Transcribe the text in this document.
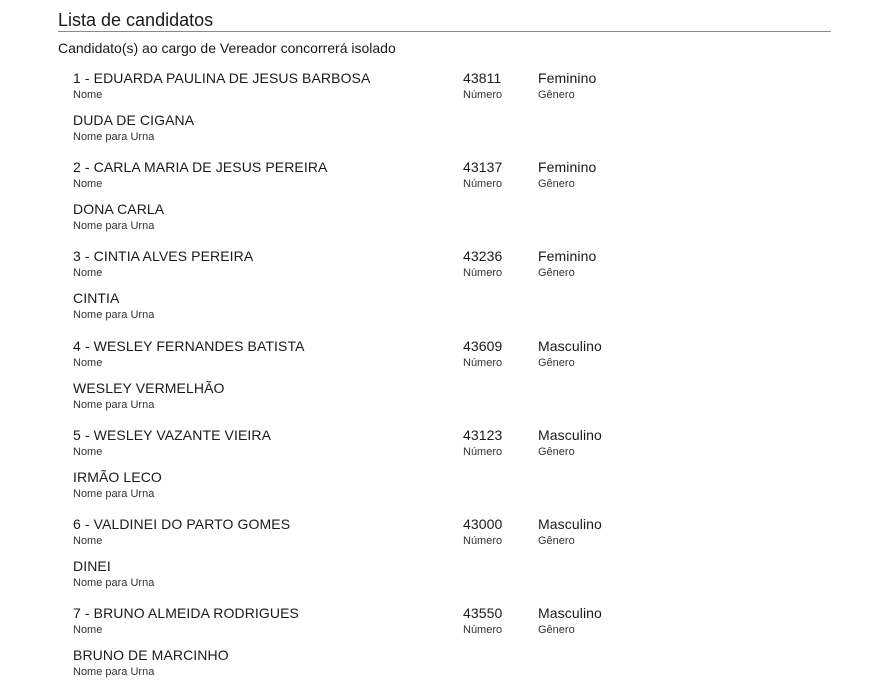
Lista de candidatos
Candidato(s) ao cargo de Vereador concorrerá isolado
1 - EDUARDA PAULINA DE JESUS BARBOSA
Nome
43811
Número
Feminino
Gênero
DUDA DE CIGANA
Nome para Urna
2 - CARLA MARIA DE JESUS PEREIRA
Nome
43137
Número
Feminino
Gênero
DONA CARLA
Nome para Urna
3 - CINTIA ALVES PEREIRA
Nome
43236
Número
Feminino
Gênero
CINTIA
Nome para Urna
4 - WESLEY FERNANDES BATISTA
Nome
43609
Número
Masculino
Gênero
WESLEY VERMELHÃO
Nome para Urna
5 - WESLEY VAZANTE VIEIRA
Nome
43123
Número
Masculino
Gênero
IRMÃO LECO
Nome para Urna
6 - VALDINEI DO PARTO GOMES
Nome
43000
Número
Masculino
Gênero
DINEI
Nome para Urna
7 - BRUNO ALMEIDA RODRIGUES
Nome
43550
Número
Masculino
Gênero
BRUNO DE MARCINHO
Nome para Urna
